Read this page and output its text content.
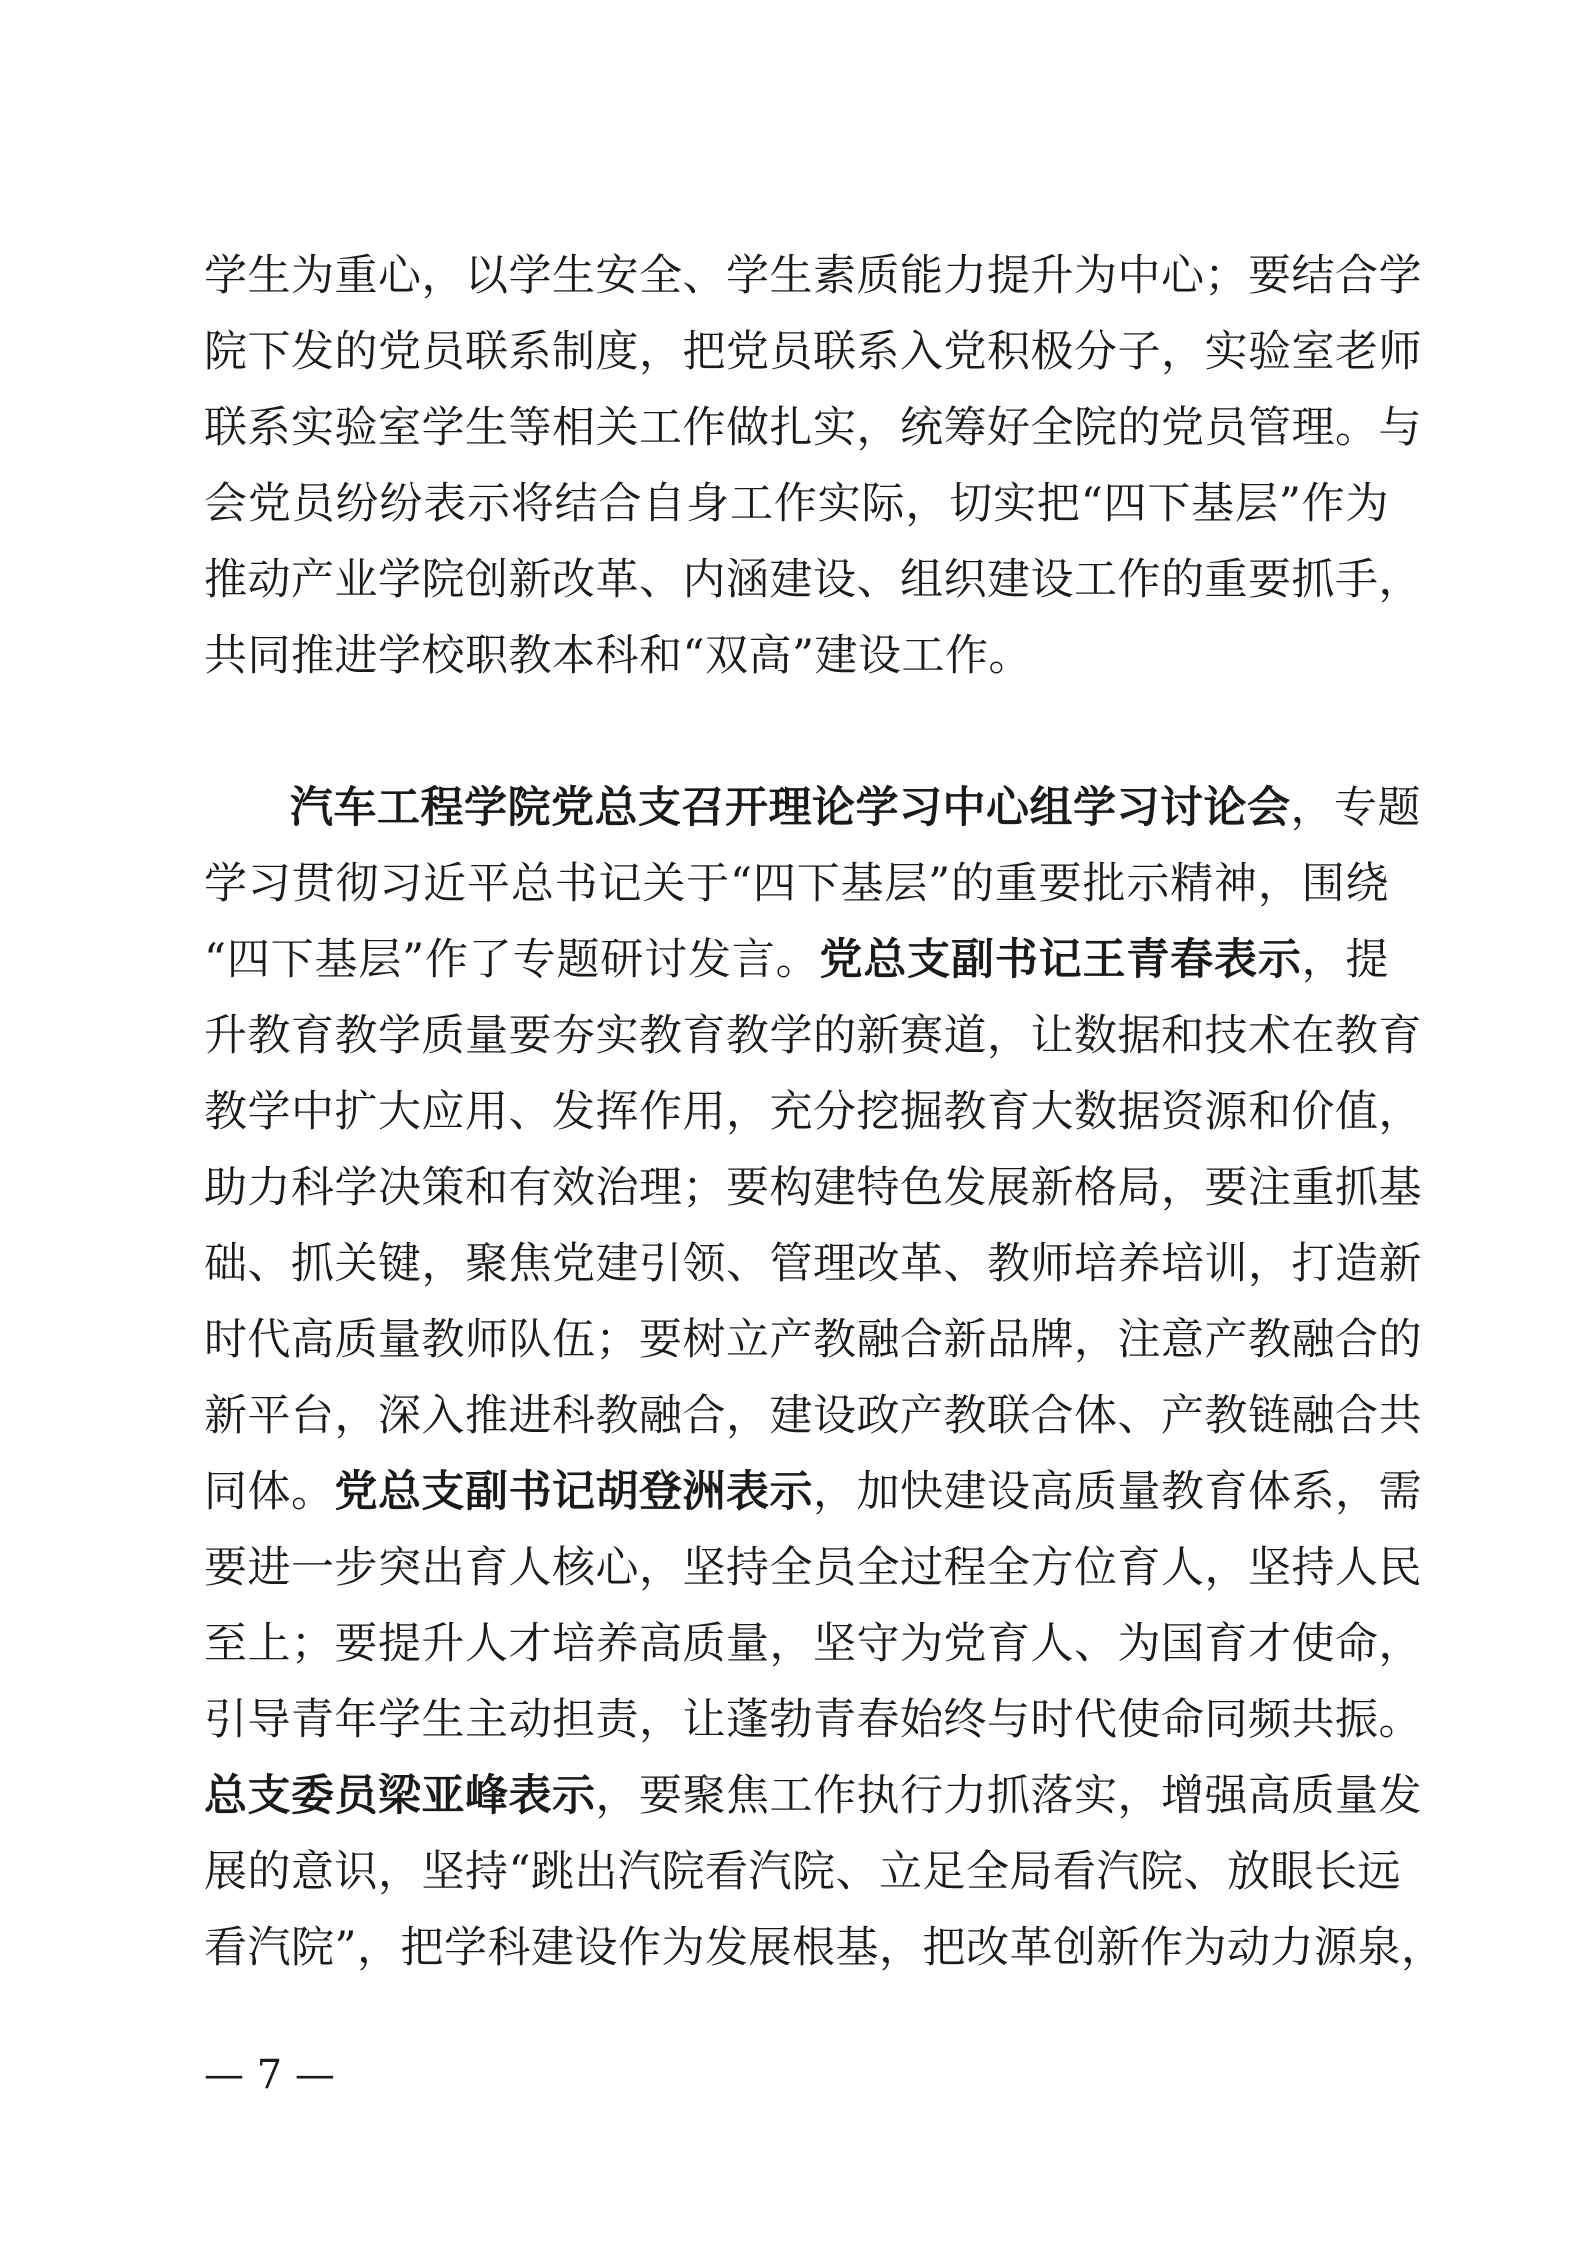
学生为重心，以学生安全、学生素质能力提升为中心；要结合学
院下发的党员联系制度，把党员联系入党积极分子，实验室老师
联系实验室学生等相关工作做扎实，统筹好全院的党员管理。与
会党员纷纷表示将结合自身工作实际，切实把“四下基层”作为
推动产业学院创新改革、内涵建设、组织建设工作的重要抓手，
共同推进学校职教本科和“双高”建设工作。
汽车工程学院党总支召开理论学习中心组学习讨论会，专题
学习贯彻习近平总书记关于“四下基层”的重要批示精神，围绕
“四下基层”作了专题研讨发言。党总支副书记王青春表示，提
升教育教学质量要夯实教育教学的新赛道，让数据和技术在教育
教学中扩大应用、发挥作用，充分挖掘教育大数据资源和价值，
助力科学决策和有效治理；要构建特色发展新格局，要注重抓基
础、抓关键，聚焦党建引领、管理改革、教师培养培训，打造新
时代高质量教师队伍；要树立产教融合新品牌，注意产教融合的
新平台，深入推进科教融合，建设政产教联合体、产教链融合共
同体。党总支副书记胡登洲表示，加快建设高质量教育体系，需
要进一步突出育人核心，坚持全员全过程全方位育人，坚持人民
至上；要提升人才培养高质量，坚守为党育人、为国育才使命，
引导青年学生主动担责，让蓬勃青春始终与时代使命同频共振。
总支委员梁亚峰表示，要聚焦工作执行力抓落实，增强高质量发
展的意识，坚持“跳出汽院看汽院、立足全局看汽院、放眼长远
看汽院”，把学科建设作为发展根基，把改革创新作为动力源泉，
— 7 —
